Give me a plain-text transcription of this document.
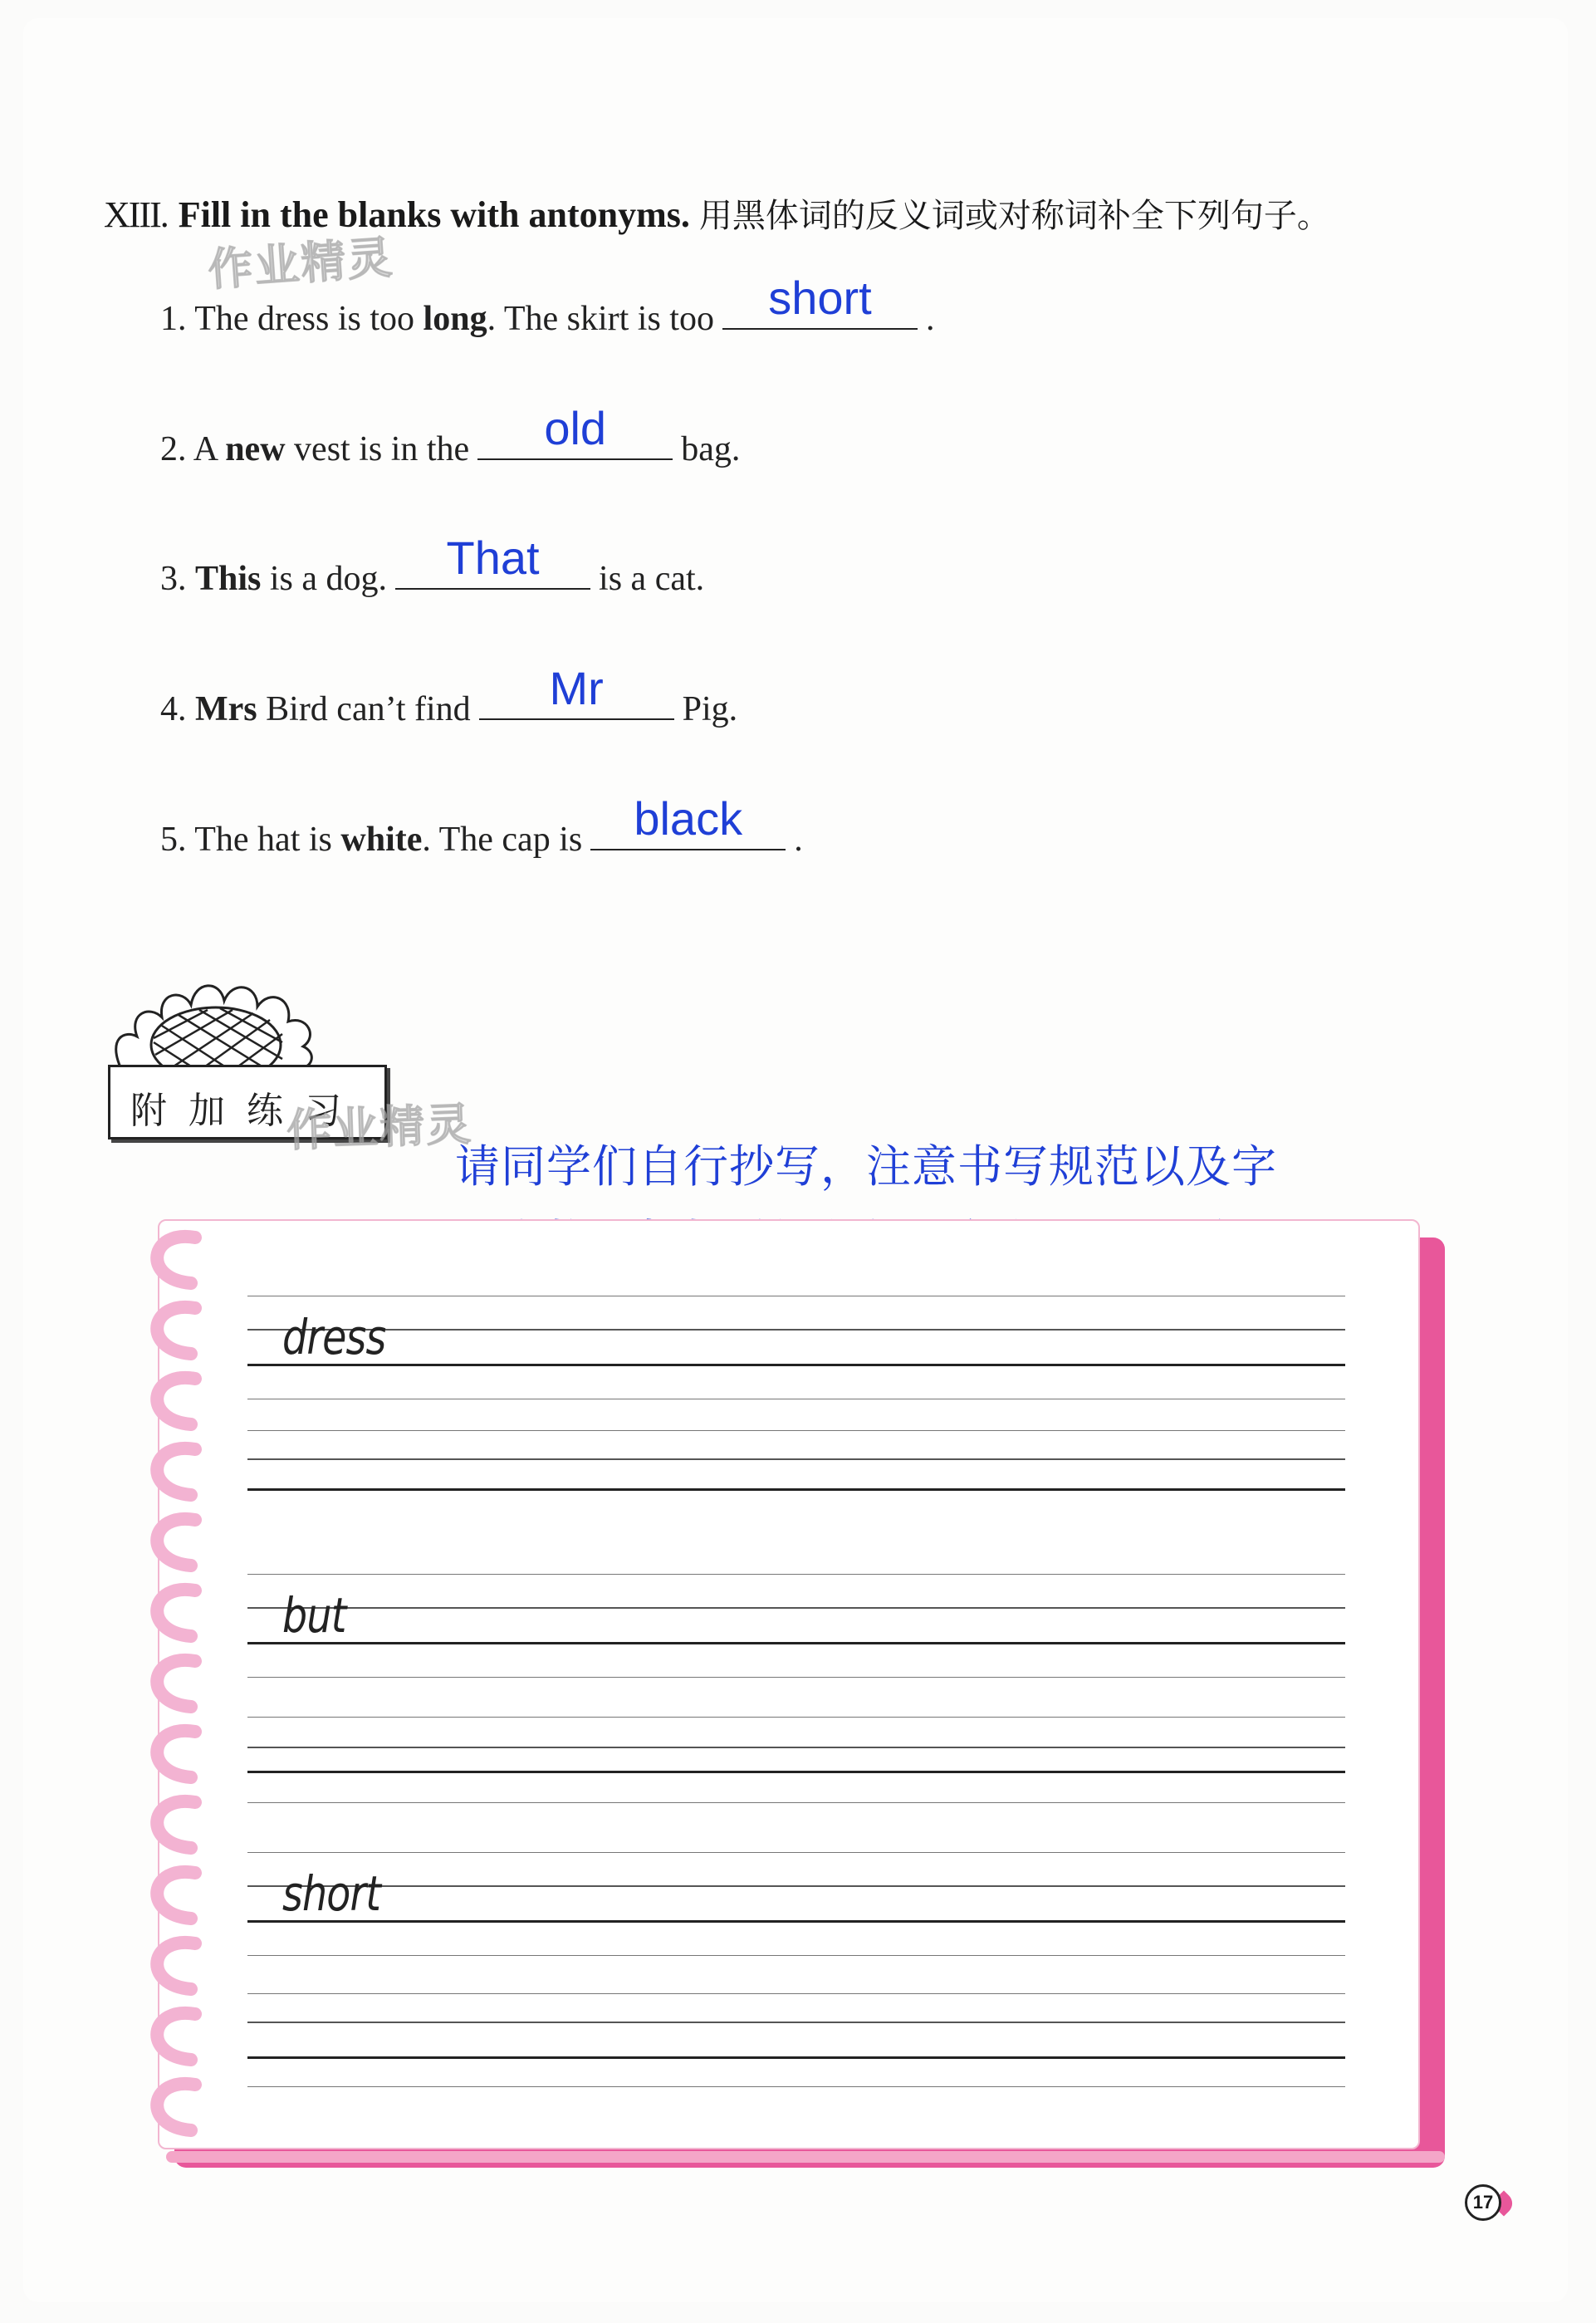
XIII. Fill in the blanks with antonyms. 用黑体词的反义词或对称词补全下列句子。
作业精灵
1. The dress is too long. The skirt is too	short	.
2. A new vest is in the	old	bag.
3. This is a dog.	That	is a cat.
4. Mrs Bird can’t find	Mr	Pig.
5. The hat is white. The cap is	black	.
附加练习
作业精灵
请同学们自行抄写，注意书写规范以及字
dress
but
short
17
